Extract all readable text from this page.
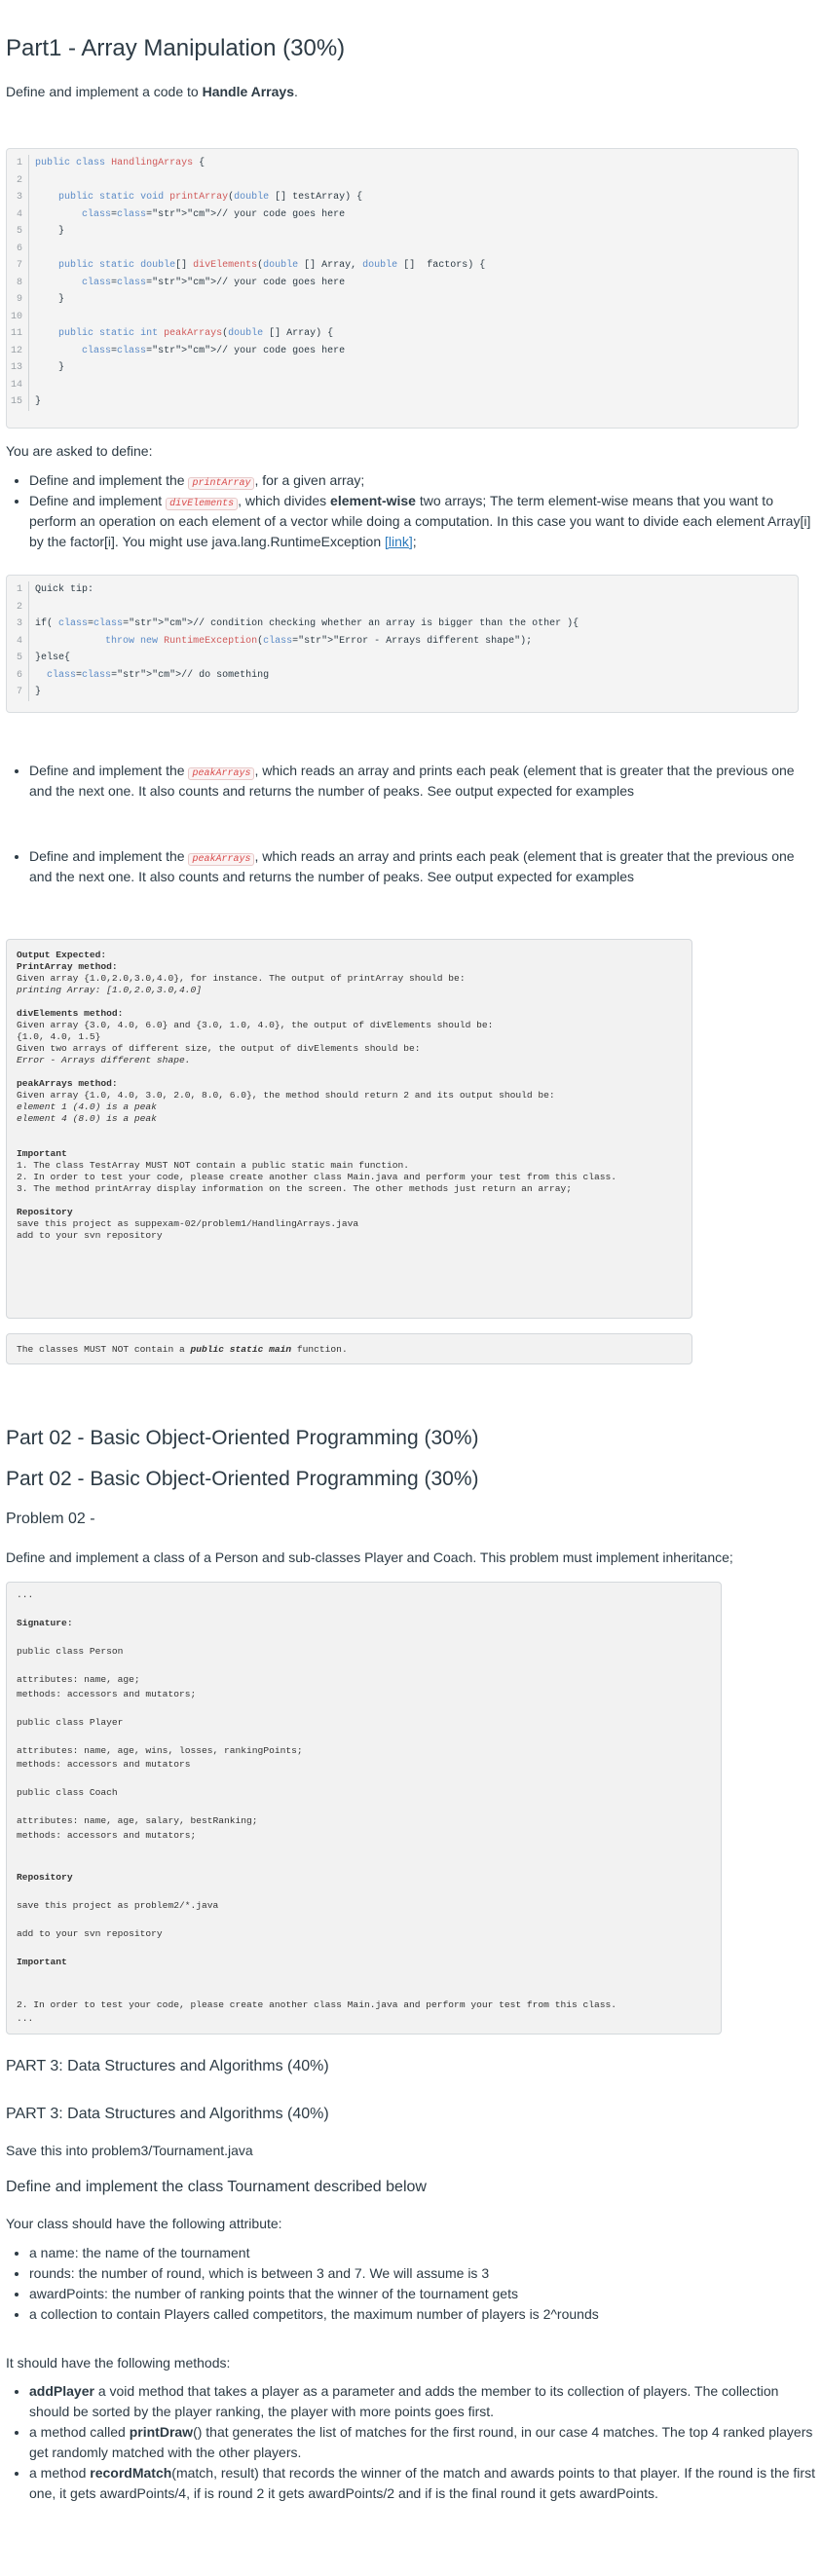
Part1 - Array Manipulation (30%)

Define and implement a code to Handle Arrays.

1	public class HandlingArrays {
2
3	public static void printArray(double [] testArray) {
4	class=class="str">"cm">// your code goes here
5	}
6
7	public static double[] divElements(double [] Array, double []  factors) {
8	class=class="str">"cm">// your code goes here
9	}
10
11	public static int peakArrays(double [] Array) {
12	class=class="str">"cm">// your code goes here
13	}
14
15	}

You are asked to define:

• Define and implement the printArray , for a given array;
• Define and implement divElements , which divides element-wise two arrays; The term element-wise means that you want to perform an operation on each element of a vector while doing a computation. In this case you want to divide each element Array[i] by the factor[i]. You might use java.lang.RuntimeException [link];
1	Quick tip:
2
3	if( class=class="str">"cm">// condition checking whether an array is bigger than the other ){
4	throw new RuntimeException(class="str">"Error - Arrays different shape");
5	}else{
6	class=class="str">"cm">// do something
7	}
• Define and implement the peakArrays , which reads an array and prints each peak (element that is greater that the previous one and the next one. It also counts and returns the number of peaks. See output expected for examples
• Define and implement the peakArrays , which reads an array and prints each peak (element that is greater that the previous one and the next one. It also counts and returns the number of peaks. See output expected for examples
Output Expected:
PrintArray method:
Given array {1.0,2.0,3.0,4.0}, for instance. The output of printArray should be:
printing Array: [1.0,2.0,3.0,4.0]
divElements method:
Given array {3.0, 4.0, 6.0} and {3.0, 1.0, 4.0}, the output of divElements should be:
{1.0, 4.0, 1.5}
Given two arrays of different size, the output of divElements should be:
Error - Arrays different shape.
peakArrays method:
Given array {1.0, 4.0, 3.0, 2.0, 8.0, 6.0}, the method should return 2 and its output should be:
element 1 (4.0) is a peak
element 4 (8.0) is a peak
Important
1. The class TestArray MUST NOT contain a public static main function.
2. In order to test your code, please create another class Main.java and perform your test from this class.
3. The method printArray display information on the screen. The other methods just return an array;
Repository
save this project as suppexam-02/problem1/HandlingArrays.java
add to your svn repository
The classes MUST NOT contain a public static main function.
Part 02 - Basic Object-Oriented Programming (30%)
Part 02 - Basic Object-Oriented Programming (30%)

Problem 02 -

Define and implement a class of a Person and sub-classes Player and Coach. This problem must implement inheritance;

...
Signature:
public class Person
attributes: name, age;
methods: accessors and mutators;
public class Player
attributes: name, age, wins, losses, rankingPoints;
methods: accessors and mutators
public class Coach
attributes: name, age, salary, bestRanking;
methods: accessors and mutators;
Repository
save this project as problem2/*.java
add to your svn repository
Important
2. In order to test your code, please create another class Main.java and perform your test from this class.
...

PART 3: Data Structures and Algorithms (40%)

PART 3: Data Structures and Algorithms (40%)

Save this into problem3/Tournament.java

Define and implement the class Tournament described below

Your class should have the following attribute:

• a name: the name of the tournament
• rounds: the number of round, which is between 3 and 7. We will assume is 3
• awardPoints: the number of ranking points that the winner of the tournament gets
• a collection to contain Players called competitors, the maximum number of players is 2^rounds

It should have the following methods:

• addPlayer a void method that takes a player as a parameter and adds the member to its collection of players. The collection should be sorted by the player ranking, the player with more points goes first.
• a method called printDraw() that generates the list of matches for the first round, in our case 4 matches. The top 4 ranked players get randomly matched with the other players.
• a method recordMatch(match, result) that records the winner of the match and awards points to that player. If the round is the first one, it gets awardPoints/4, if is round 2 it gets awardPoints/2 and if is the final round it gets awardPoints.
